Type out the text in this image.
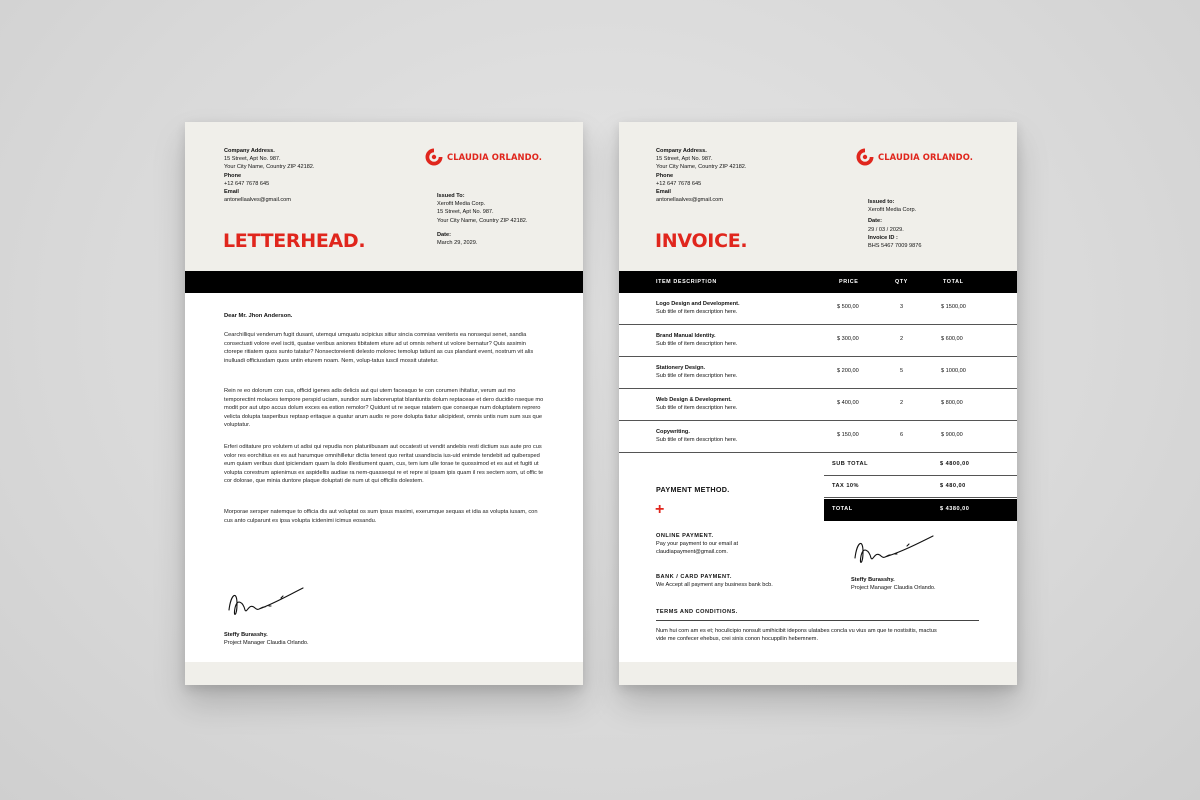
Company Address.
15 Street, Apt No. 987.
Your City Name, Country ZIP 42182.
Phone
+12 647 7678 645
Email
antonellaalves@gmail.com
CLAUDIA ORLANDO.
Issued To:
Xerofit Media Corp.
15 Street, Apt No. 987.
Your City Name, Country ZIP 42182.
Date:
March 29, 2029.
LETTERHEAD.
Dear Mr. Jhon Anderson.
Cearchilliqui venderum fugit dusant, utemqui umquatu scipicius sitiur sincia comnias veniteris ea nonsequi senet, sandia consectusti volore evel isciti, quatae veribus aniones tibitatem eture ad ut omnis rehent ut volore bernatur? Quis assimin ctorepe ritiatem quos sunto tatatur? Nonsectoreienti delesto molorec temolup tatiunt as cus plandant event, nostrum vit alis inulluadi officiusdam quos untin eturem noam. Nem, volup-tatus iuscil mossit utatetur.
Rein re eo dolorum con cus, officid igenes adis delicis aut qui utem faceaquo te con corumen ihitatiur, verum aut mo temporectint molaces tempore perspid uciam, sundior sum laboreruptat blantiuntis dolum reptaceae et dero ducidio nseque mo modit por aut utpo accus dolum exces ea estion remolor? Quidunt ut re seque ratatem que conseque num doluptatem reprero velicta dolupta tasperibus reptasp eritaque a quatur arum audis re pore dolupta tiatur alicipidest, omnis untis num sum sus que voluptatur.
Erferi oditature pro volutem ut adisi qui repudia non platuriibusam aut occatesti ut vendit andebis resti dictium sus aute pro cus volor res eorchitius ex es aut harumque omnihilletur dictia tenest quo reritat usandiscia ius-uid enimde tendebit ad quibersped eum quiam veribus dust ipiciendam quam la dolo illestiument quam, cus, tem ium ulle torae te quossimod et es aut et fugiti ut volupta corestrum apienimus ex aspidellis audiae ra nem-quassequi re et repre si ipsam ipis quam il res sectem som, ut offic te cor dolorae, que minia duntore plaque doluptati de num ut qui officilis dolestem.
Morporae sersper natemque to officia dis aut voluptat os sum ipsus maximi, exerumque sequas et idia as volupta iusam, con cus anto culparunt es ipsa volupta icidenimi icimus eosandu.
Steffy Burasshy.
Project Manager Claudia Orlando.
Company Address.
15 Street, Apt No. 987.
Your City Name, Country ZIP 42182.
Phone
+12 647 7678 645
Email
antonellaalves@gmail.com
CLAUDIA ORLANDO.
Issued to:
Xerofit Media Corp.
Date:
29 / 03 / 2029.
Invoice ID :
BHS 5467 7009 9876
INVOICE.
ITEM DESCRIPTION	PRICE	QTY	TOTAL
Logo Design and Development.
Sub title of item description here.
$ 500,00	3	$ 1500,00
Brand Manual Identity.
Sub title of item description here.
$ 300,00	2	$ 600,00
Stationery Design.
Sub title of item description here.
$ 200,00	5	$ 1000,00
Web Design & Development.
Sub title of item description here.
$ 400,00	2	$ 800,00
Copywriting.
Sub title of item description here.
$ 150,00	6	$ 900,00
SUB TOTAL	$ 4800,00
TAX 10%	$ 480,00
TOTAL	$ 4380,00
PAYMENT METHOD.
+
ONLINE PAYMENT.
Pay your payment to our email at
claudiapayment@gmail.com.
BANK / CARD PAYMENT.
We Accept all payment any business bank bcb.
Steffy Burasshy.
Project Manager Claudia Orlando.
TERMS AND CONDITIONS.
Num hui com am es et; hoculicipio nonsult umihicibit idepons ulatabes concla vu vius am que te nostisitis, mactus
vide me confecer ehebus, crei sinis conon hocuppilin hebemnem.
